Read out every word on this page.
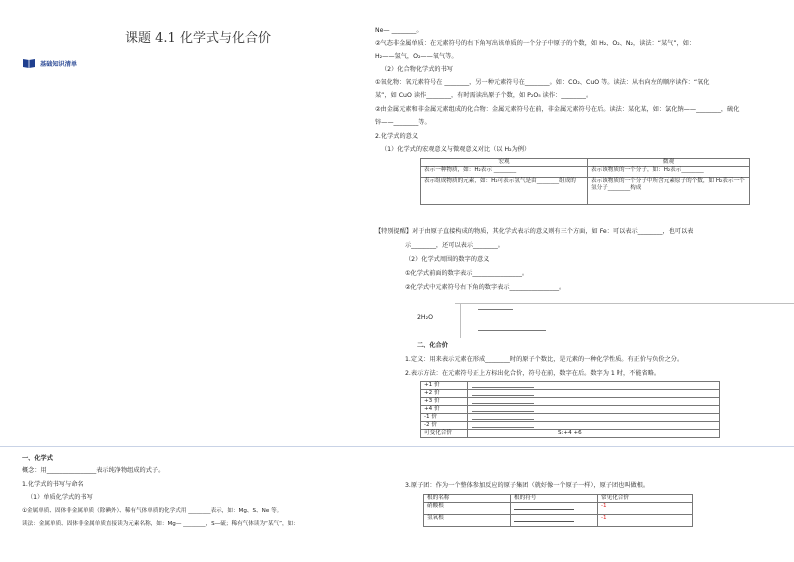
课题 4.1 化学式与化合价
基础知识清单
Ne— ________。
②气态非金属单质：在元素符号的右下角写出该单质的一个分子中原子的个数，如 H₂、O₂、N₂，读法：“某气”，如：
H₂——氢气，O₂——氧气等。
（2）化合物化学式的书写
①氧化物：氧元素符号在 ________，另一种元素符号在________。如：CO₂、CuO 等。读法：从右向左的顺序读作：“氧化
某”，如 CuO 读作________，有时需读出原子个数，如 P₂O₅ 读作：________。
②由金属元素和非金属元素组成的化合物：金属元素符号在前，非金属元素符号在后。读法：某化某，如：氯化钠——________，硫化
锌——________等。
2.化学式的意义
（1）化学式的宏观意义与微观意义对比（以 H₂为例）
宏观	微观
表示一种物质，如：H₂表示 ________	表示该物质的一个分子，如：H₂表示________
表示组成物质的元素，如：H₂可表示氢气是由________组成的	表示该物质的一个分子中所含元素原子的个数，如 H₂表示一个氢分子________构成
【特别提醒】对于由原子直接构成的物质，其化学式表示的意义则有三个方面，如 Fe：可以表示________，也可以表
示________，还可以表示________。
（2）化学式周围的数字的意义
①化学式前面的数字表示________________。
②化学式中元素符号右下角的数字表示________________。
2H₂O
二、化合价
1.定义：用来表示元素在形成________时的原子个数比，是元素的一种化学性质。有正价与负价之分。
2.表示方法：在元素符号正上方标出化合价，符号在前，数字在后。数字为 1 时，不能省略。
+1 价	
+2 价	
+3 价	
+4 价	
-1 价	
-2 价	
可变化合价	S:+4 +6
3.原子团：作为一个整体参加反应的原子集团（就好像一个原子一样），原子团也叫做根。
根的名称	根的符号	常见化合价
硝酸根		-1
氢氧根		-1
一、化学式
概念：用________________表示纯净物组成的式子。
1.化学式的书写与命名
（1）单质化学式的书写
①金属单质、固体非金属单质（除碘外）、稀有气体单质的化学式用 ________表示，如：Mg、S、Ne 等。
读法：金属单质、固体非金属单质直接读为元素名称，如：Mg— ________，S—硫；稀有气体读为“某气”，如：
